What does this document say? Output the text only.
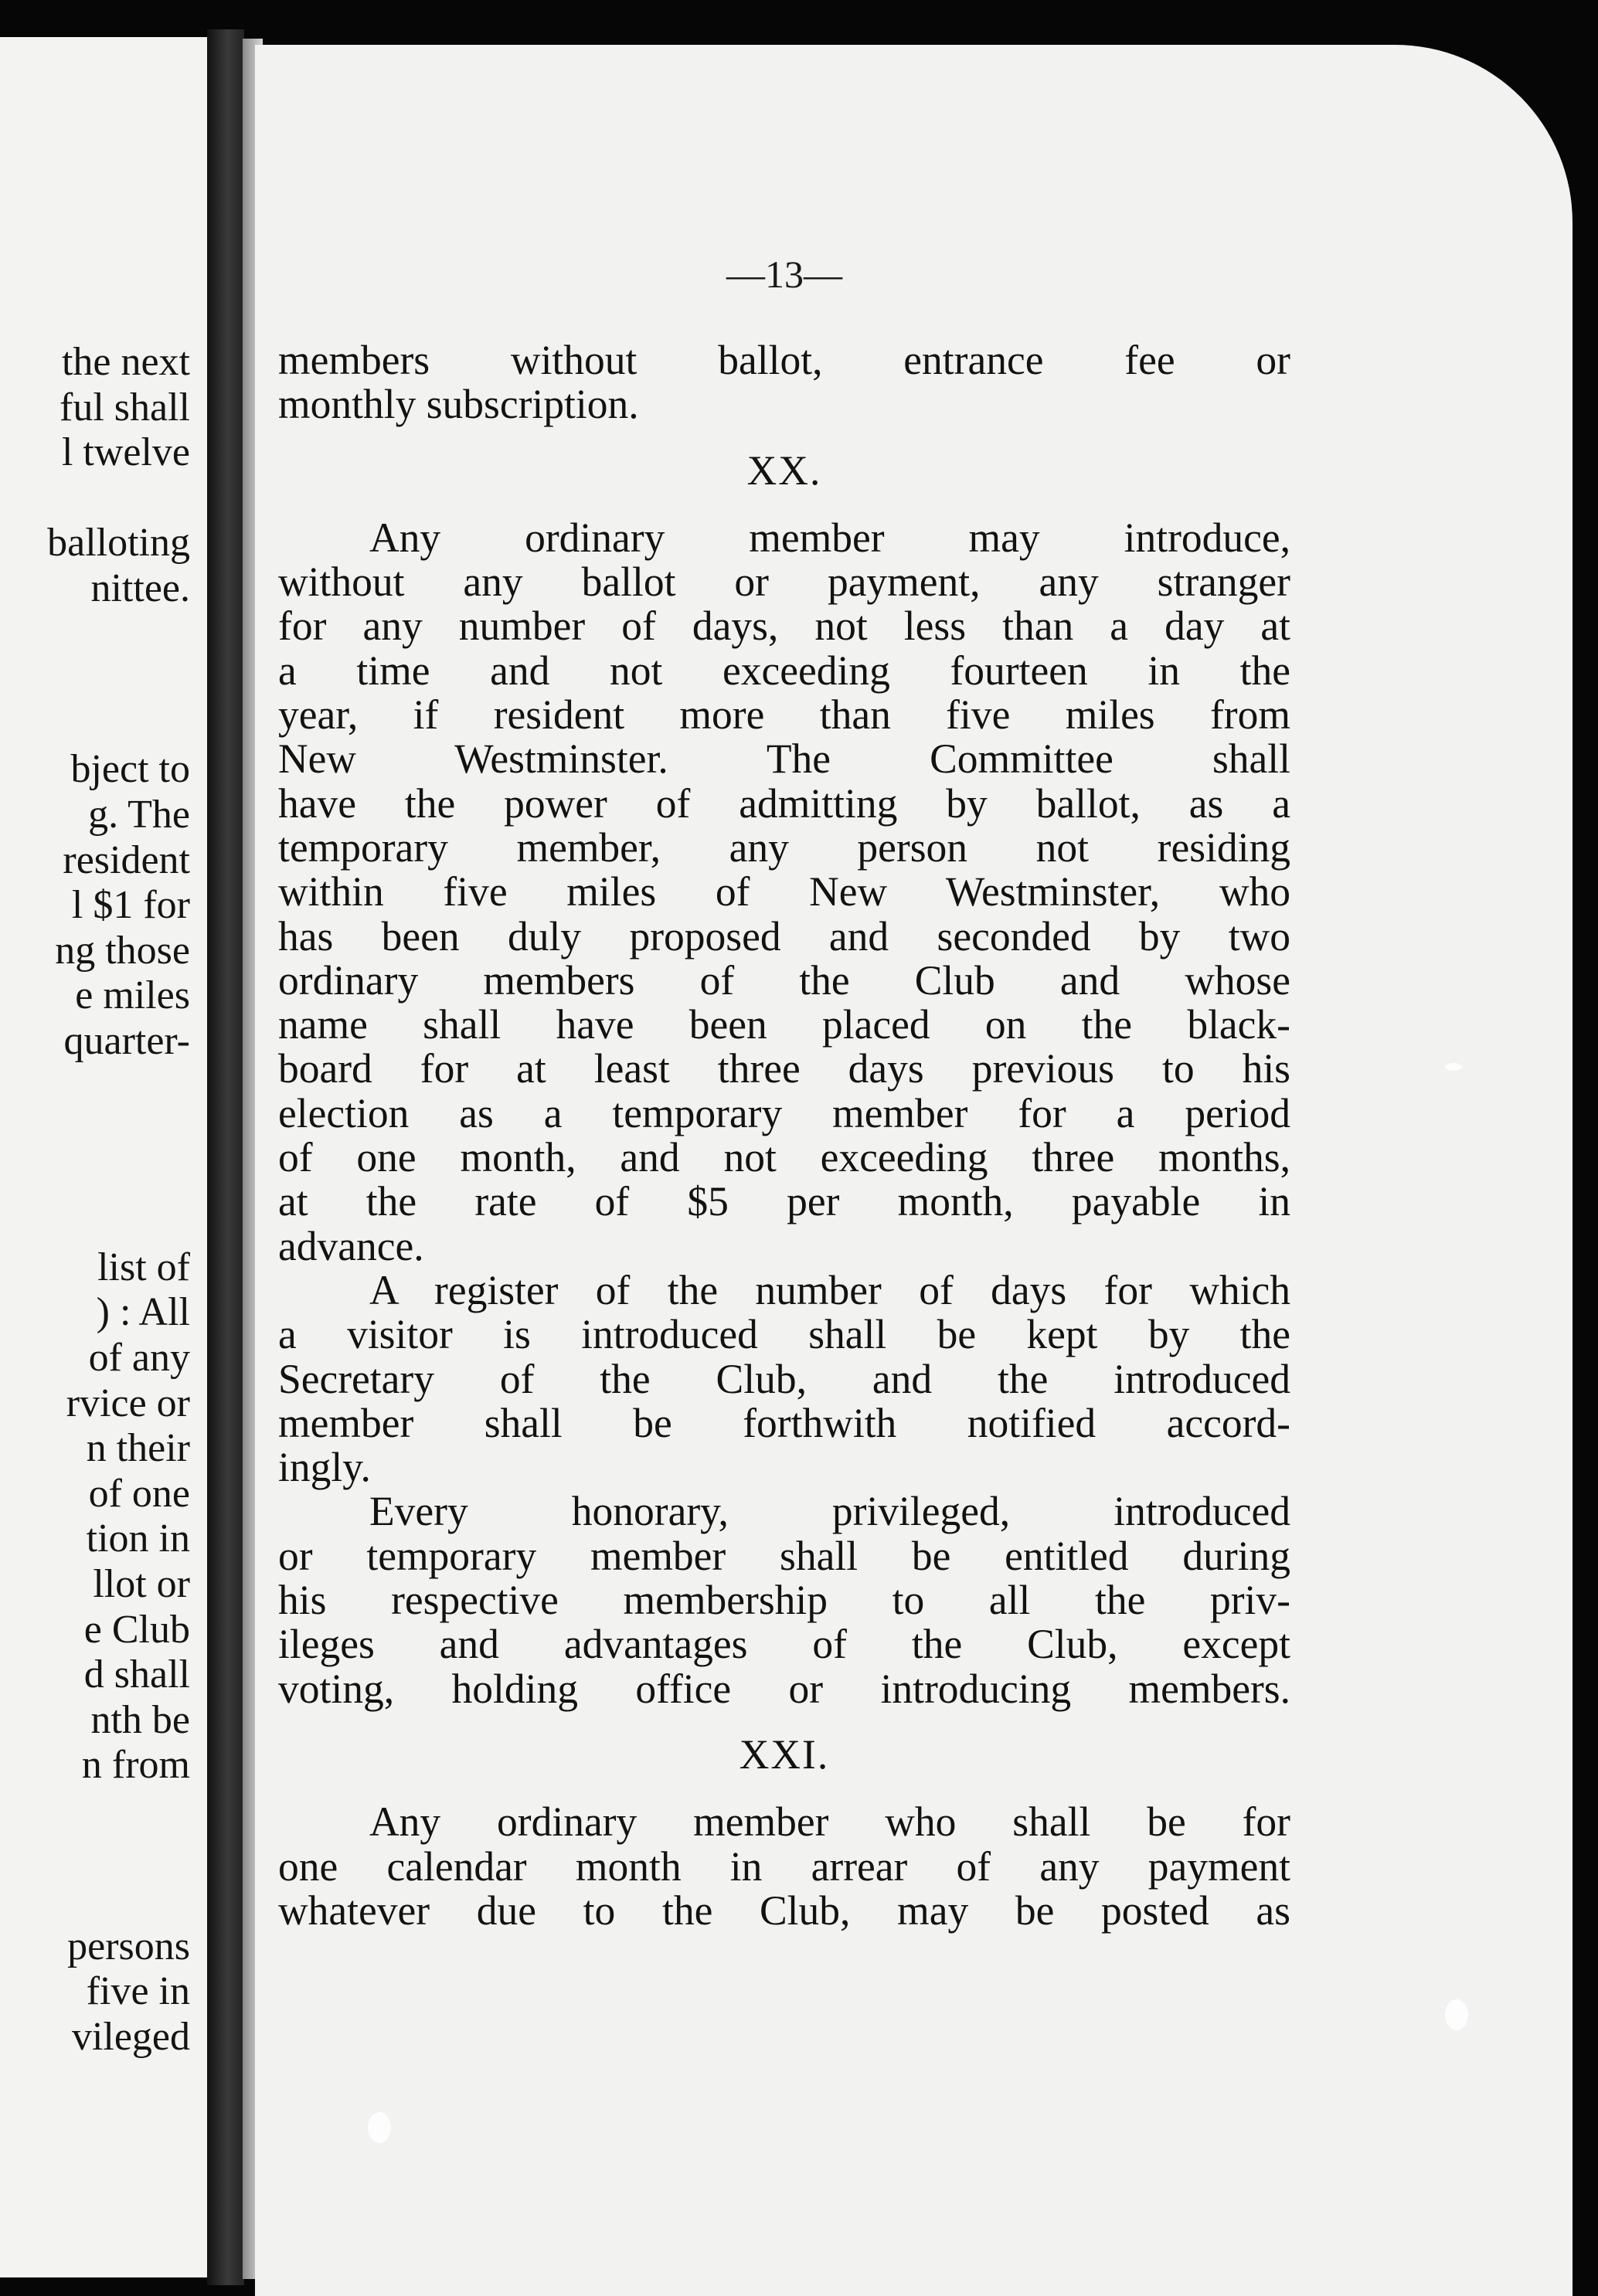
the next
ful shall
l twelve
balloting
nittee.
bject to
g. The
resident
l $1 for
ng those
e miles
quarter-
list of
) : All
of any
rvice or
n their
of one
tion in
llot or
e Club
d shall
nth be
n from
persons
five in
vileged
—13—
members without ballot, entrance fee or
monthly subscription.
XX.
Any ordinary member may introduce,
without any ballot or payment, any stranger
for any number of days, not less than a day at
a time and not exceeding fourteen in the
year, if resident more than five miles from
New Westminster. The Committee shall
have the power of admitting by ballot, as a
temporary member, any person not residing
within five miles of New Westminster, who
has been duly proposed and seconded by two
ordinary members of the Club and whose
name shall have been placed on the black-
board for at least three days previous to his
election as a temporary member for a period
of one month, and not exceeding three months,
at the rate of $5 per month, payable in
advance.
A register of the number of days for which
a visitor is introduced shall be kept by the
Secretary of the Club, and the introduced
member shall be forthwith notified accord-
ingly.
Every honorary, privileged, introduced
or temporary member shall be entitled during
his respective membership to all the priv-
ileges and advantages of the Club, except
voting, holding office or introducing members.
XXI.
Any ordinary member who shall be for
one calendar month in arrear of any payment
whatever due to the Club, may be posted as
